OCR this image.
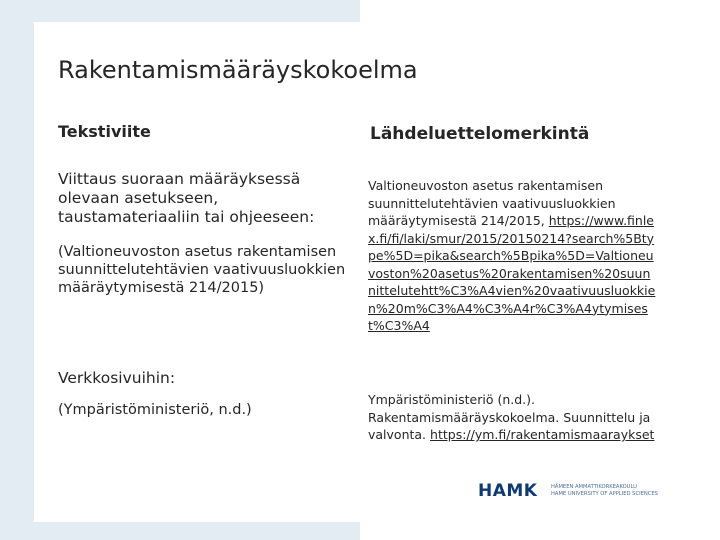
Rakentamismääräyskokoelma
Tekstiviite	Lähdeluettelomerkintä
Viittaus suoraan määräyksessä olevaan asetukseen, taustamateriaaliin tai ohjeeseen:
(Valtioneuvoston asetus rakentamisen suunnittelutehtävien vaativuusluokkien määräytymisestä 214/2015)
Verkkosivuihin:
(Ympäristöministeriö, n.d.)
Valtioneuvoston asetus rakentamisen suunnittelutehtävien vaativuusluokkien määräytymisestä 214/2015, https://www.finlex.fi/fi/laki/smur/2015/20150214?search%5Btype%5D=pika&search%5Bpika%5D=Valtioneuvoston%20asetus%20rakentamisen%20suunnittelutehtt%C3%A4vien%20vaativuusluokkien%20m%C3%A4%C3%A4r%C3%A4ytymisest%C3%A4
Ympäristöministeriö (n.d.). Rakentamismääräyskokoelma. Suunnittelu ja valvonta. https://ym.fi/rakentamismaaraykset
HAMK	HÄMEEN AMMATTIKORKEAKOULU
HAME UNIVERSITY OF APPLIED SCIENCES
